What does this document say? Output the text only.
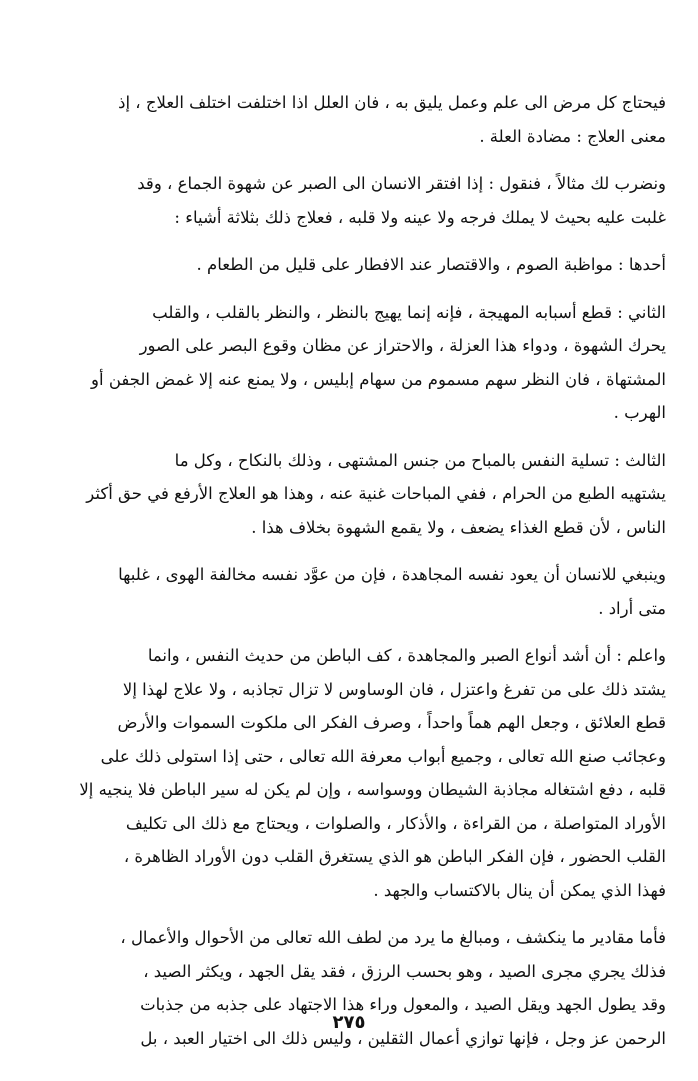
فيحتاج كل مرض الى علم وعمل يليق به ، فان العلل اذا اختلفت اختلف العلاج ، إذ
معنى العلاج : مضادة العلة .
ونضرب لك مثالاً ، فنقول : إذا افتقر الانسان الى الصبر عن شهوة الجماع ، وقد
غلبت عليه بحيث لا يملك فرجه ولا عينه ولا قلبه ، فعلاج ذلك بثلاثة أشياء :
أحدها : مواظبة الصوم ، والاقتصار عند الافطار على قليل من الطعام .
الثاني : قطع أسبابه المهيجة ، فإنه إنما يهيج بالنظر ، والنظر بالقلب ، والقلب
يحرك الشهوة ، ودواء هذا العزلة ، والاحتراز عن مظان وقوع البصر على الصور
المشتهاة ، فان النظر سهم مسموم من سهام إبليس ، ولا يمنع عنه إلا غمض الجفن أو
الهرب .
الثالث : تسلية النفس بالمباح من جنس المشتهى ، وذلك بالنكاح ، وكل ما
يشتهيه الطبع من الحرام ، ففي المباحات غنية عنه ، وهذا هو العلاج الأرفع في حق أكثر
الناس ، لأن قطع الغذاء يضعف ، ولا يقمع الشهوة بخلاف هذا .
وينبغي للانسان أن يعود نفسه المجاهدة ، فإن من عوَّد نفسه مخالفة الهوى ، غلبها
متى أراد .
واعلم : أن أشد أنواع الصبر والمجاهدة ، كف الباطن من حديث النفس ، وانما
يشتد ذلك على من تفرغ واعتزل ، فان الوساوس لا تزال تجاذبه ، ولا علاج لهذا إلا
قطع العلائق ، وجعل الهم هماً واحداً ، وصرف الفكر الى ملكوت السموات والأرض
وعجائب صنع الله تعالى ، وجميع أبواب معرفة الله تعالى ، حتى إذا استولى ذلك على
قلبه ، دفع اشتغاله مجاذبة الشيطان ووسواسه ، وإن لم يكن له سير الباطن فلا ينجيه إلا
الأوراد المتواصلة ، من القراءة ، والأذكار ، والصلوات ، ويحتاج مع ذلك الى تكليف
القلب الحضور ، فإن الفكر الباطن هو الذي يستغرق القلب دون الأوراد الظاهرة ،
فهذا الذي يمكن أن ينال بالاكتساب والجهد .
فأما مقادير ما ينكشف ، ومبالغ ما يرد من لطف الله تعالى من الأحوال والأعمال ،
فذلك يجري مجرى الصيد ، وهو بحسب الرزق ، فقد يقل الجهد ، ويكثر الصيد ،
وقد يطول الجهد ويقل الصيد ، والمعول وراء هذا الاجتهاد على جذبه من جذبات
الرحمن عز وجل ، فإنها توازي أعمال الثقلين ، وليس ذلك الى اختيار العبد ، بل
٢٧٥
